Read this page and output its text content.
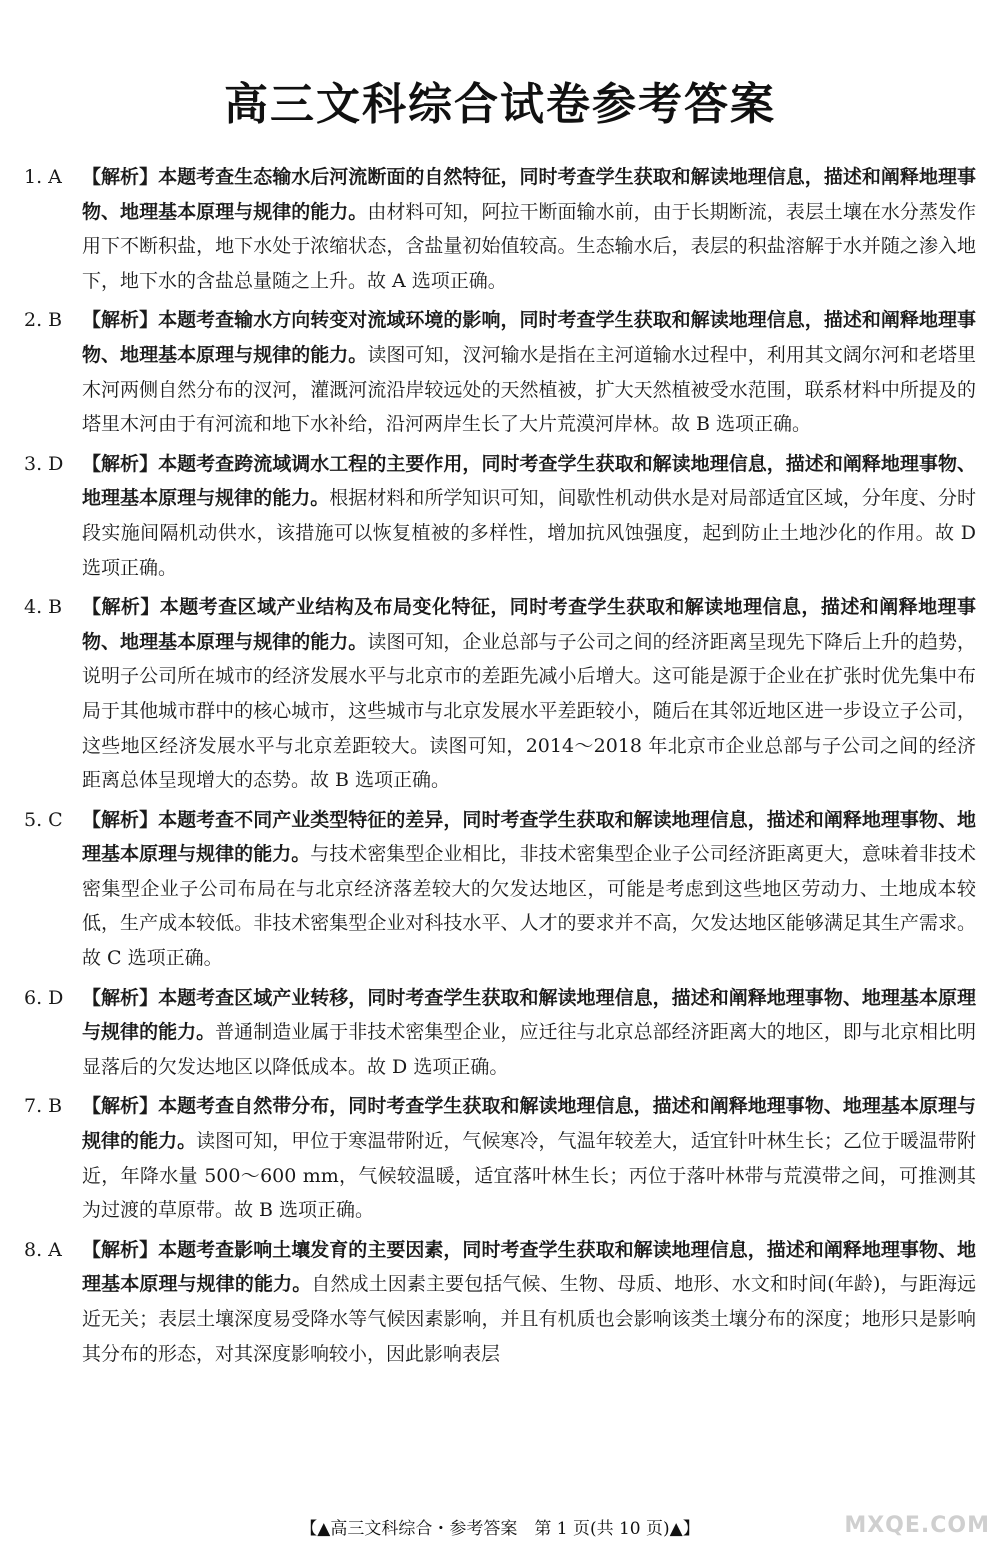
高三文科综合试卷参考答案
1. A	【解析】本题考查生态输水后河流断面的自然特征，同时考查学生获取和解读地理信息，描述和阐释地理事物、地理基本原理与规律的能力。由材料可知，阿拉干断面输水前，由于长期断流，表层土壤在水分蒸发作用下不断积盐，地下水处于浓缩状态，含盐量初始值较高。生态输水后，表层的积盐溶解于水并随之渗入地下，地下水的含盐总量随之上升。故 A 选项正确。
2. B	【解析】本题考查输水方向转变对流域环境的影响，同时考查学生获取和解读地理信息，描述和阐释地理事物、地理基本原理与规律的能力。读图可知，汊河输水是指在主河道输水过程中，利用其文阔尔河和老塔里木河两侧自然分布的汊河，灌溉河流沿岸较远处的天然植被，扩大天然植被受水范围，联系材料中所提及的塔里木河由于有河流和地下水补给，沿河两岸生长了大片荒漠河岸林。故 B 选项正确。
3. D 【解析】本题考查跨流域调水工程的主要作用，同时考查学生获取和解读地理信息，描述和阐释地理事物、地理基本原理与规律的能力。根据材料和所学知识可知，间歇性机动供水是对局部适宜区域，分年度、分时段实施间隔机动供水，该措施可以恢复植被的多样性，增加抗风蚀强度，起到防止土地沙化的作用。故 D 选项正确。
4. B	【解析】本题考查区域产业结构及布局变化特征，同时考查学生获取和解读地理信息，描述和阐释地理事物、地理基本原理与规律的能力。读图可知，企业总部与子公司之间的经济距离呈现先下降后上升的趋势，说明子公司所在城市的经济发展水平与北京市的差距先减小后增大。这可能是源于企业在扩张时优先集中布局于其他城市群中的核心城市，这些城市与北京发展水平差距较小，随后在其邻近地区进一步设立子公司，这些地区经济发展水平与北京差距较大。读图可知，2014～2018 年北京市企业总部与子公司之间的经济距离总体呈现增大的态势。故 B 选项正确。
5. C	【解析】本题考查不同产业类型特征的差异，同时考查学生获取和解读地理信息，描述和阐释地理事物、地理基本原理与规律的能力。与技术密集型企业相比，非技术密集型企业子公司经济距离更大，意味着非技术密集型企业子公司布局在与北京经济落差较大的欠发达地区，可能是考虑到这些地区劳动力、土地成本较低，生产成本较低。非技术密集型企业对科技水平、人才的要求并不高，欠发达地区能够满足其生产需求。故 C 选项正确。
6. D 【解析】本题考查区域产业转移，同时考查学生获取和解读地理信息，描述和阐释地理事物、地理基本原理与规律的能力。普通制造业属于非技术密集型企业，应迁往与北京总部经济距离大的地区，即与北京相比明显落后的欠发达地区以降低成本。故 D 选项正确。
7. B	【解析】本题考查自然带分布，同时考查学生获取和解读地理信息，描述和阐释地理事物、地理基本原理与规律的能力。读图可知，甲位于寒温带附近，气候寒冷，气温年较差大，适宜针叶林生长；乙位于暖温带附近，年降水量 500～600 mm，气候较温暖，适宜落叶林生长；丙位于落叶林带与荒漠带之间，可推测其为过渡的草原带。故 B 选项正确。
8. A	【解析】本题考查影响土壤发育的主要因素，同时考查学生获取和解读地理信息，描述和阐释地理事物、地理基本原理与规律的能力。自然成土因素主要包括气候、生物、母质、地形、水文和时间(年龄)，与距海远近无关；表层土壤深度易受降水等气候因素影响，并且有机质也会影响该类土壤分布的深度；地形只是影响其分布的形态，对其深度影响较小，因此影响表层
【▲高三文科综合・参考答案　第 1 页(共 10 页)▲】	MXQE.COM
